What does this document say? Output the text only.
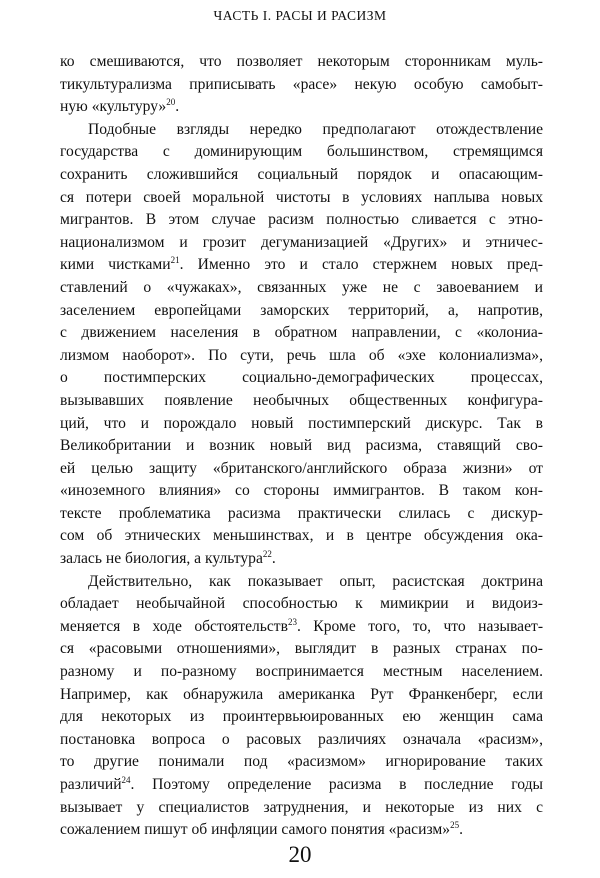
ЧАСТЬ I. РАСЫ И РАСИЗМ
ко смешиваются, что позволяет некоторым сторонникам муль-
тикультурализма приписывать «расе» некую особую самобыт-
ную «культуру»$^{20}$.
Подобные взгляды нередко предполагают отождествление
государства с доминирующим большинством, стремящимся
сохранить сложившийся социальный порядок и опасающим-
ся потери своей моральной чистоты в условиях наплыва новых
мигрантов. В этом случае расизм полностью сливается с этно-
национализмом и грозит дегуманизацией «Других» и этничес-
кими чистками$^{21}$. Именно это и стало стержнем новых пред-
ставлений о «чужаках», связанных уже не с завоеванием и
заселением европейцами заморских территорий, а, напротив,
с движением населения в обратном направлении, с «колониа-
лизмом наоборот». По сути, речь шла об «эхе колониализма»,
о постимперских социально-демографических процессах,
вызывавших появление необычных общественных конфигура-
ций, что и порождало новый постимперский дискурс. Так в
Великобритании и возник новый вид расизма, ставящий сво-
ей целью защиту «британского/английского образа жизни» от
«иноземного влияния» со стороны иммигрантов. В таком кон-
тексте проблематика расизма практически слилась с дискур-
сом об этнических меньшинствах, и в центре обсуждения ока-
залась не биология, а культура$^{22}$.
Действительно, как показывает опыт, расистская доктрина
обладает необычайной способностью к мимикрии и видоиз-
меняется в ходе обстоятельств$^{23}$. Кроме того, то, что называет-
ся «расовыми отношениями», выглядит в разных странах по-
разному и по-разному воспринимается местным населением.
Например, как обнаружила американка Рут Франкенберг, если
для некоторых из проинтервьюированных ею женщин сама
постановка вопроса о расовых различиях означала «расизм»,
то другие понимали под «расизмом» игнорирование таких
различий$^{24}$. Поэтому определение расизма в последние годы
вызывает у специалистов затруднения, и некоторые из них с
сожалением пишут об инфляции самого понятия «расизм»$^{25}$.
20
